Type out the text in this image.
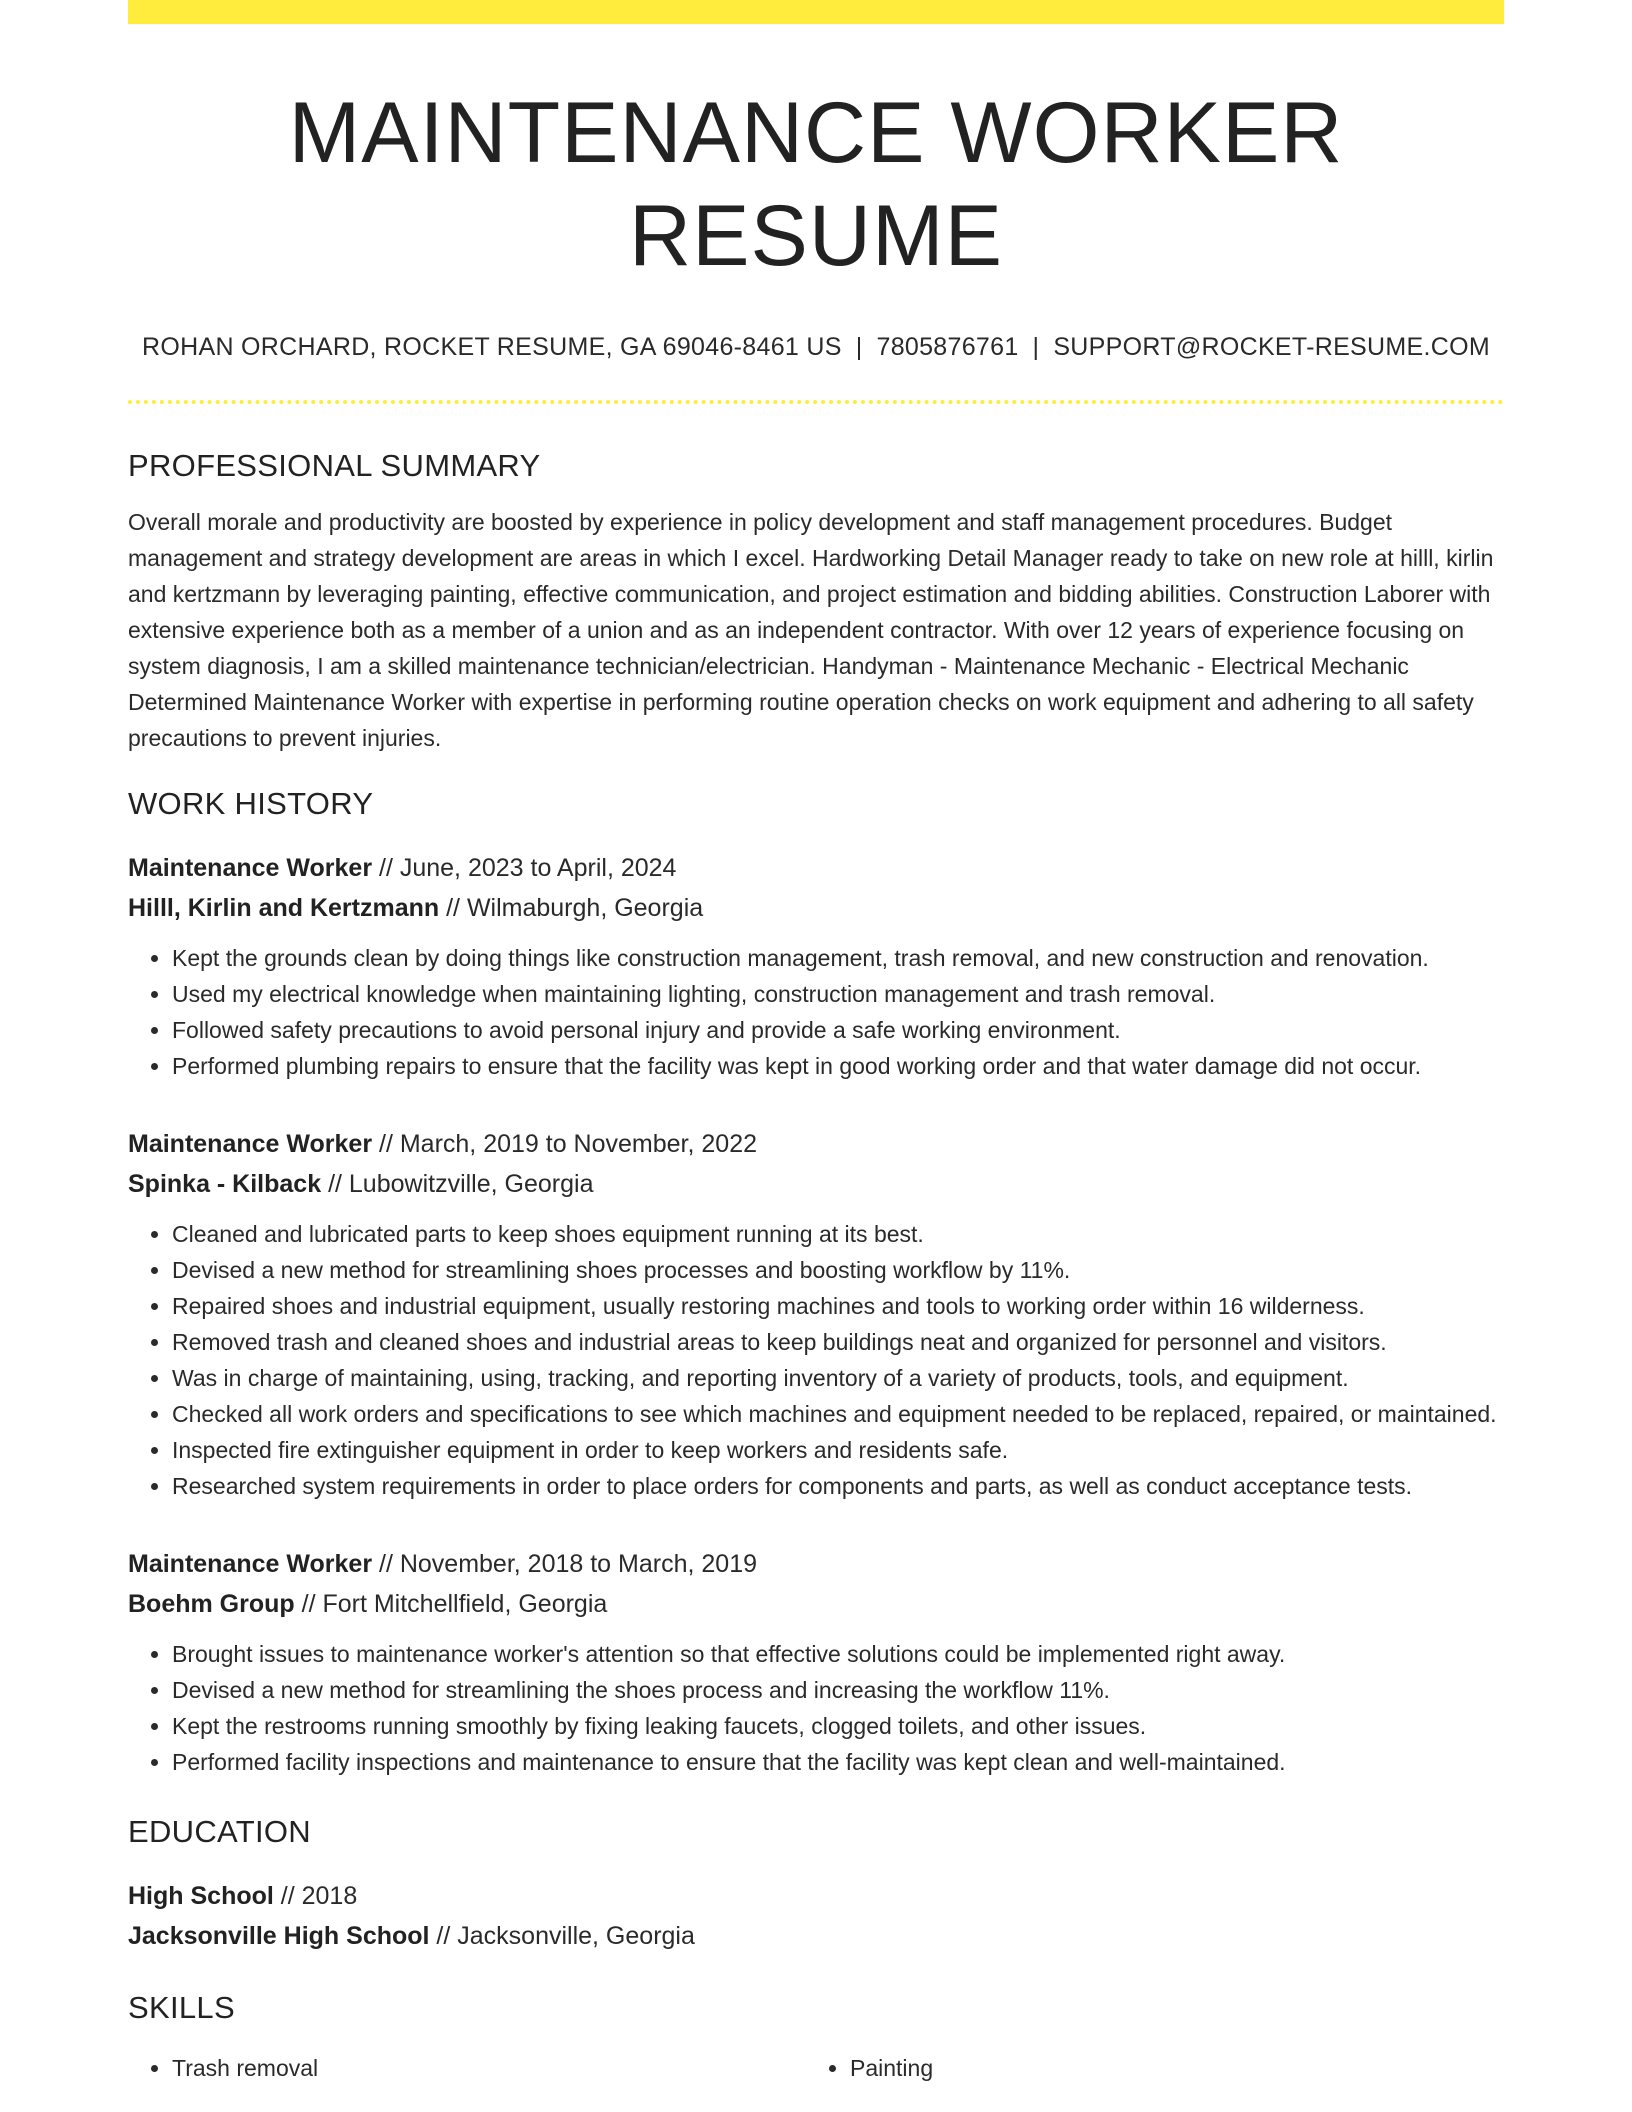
MAINTENANCE WORKER RESUME
ROHAN ORCHARD, ROCKET RESUME, GA 69046-8461 US | 7805876761 | SUPPORT@ROCKET-RESUME.COM
PROFESSIONAL SUMMARY

Overall morale and productivity are boosted by experience in policy development and staff management procedures. Budget management and strategy development are areas in which I excel. Hardworking Detail Manager ready to take on new role at hilll, kirlin and kertzmann by leveraging painting, effective communication, and project estimation and bidding abilities. Construction Laborer with extensive experience both as a member of a union and as an independent contractor. With over 12 years of experience focusing on system diagnosis, I am a skilled maintenance technician/electrician. Handyman - Maintenance Mechanic - Electrical Mechanic Determined Maintenance Worker with expertise in performing routine operation checks on work equipment and adhering to all safety precautions to prevent injuries.

WORK HISTORY
Maintenance Worker // June, 2023 to April, 2024
Hilll, Kirlin and Kertzmann // Wilmaburgh, Georgia
• Kept the grounds clean by doing things like construction management, trash removal, and new construction and renovation.
• Used my electrical knowledge when maintaining lighting, construction management and trash removal.
• Followed safety precautions to avoid personal injury and provide a safe working environment.
• Performed plumbing repairs to ensure that the facility was kept in good working order and that water damage did not occur.
Maintenance Worker // March, 2019 to November, 2022
Spinka - Kilback // Lubowitzville, Georgia
• Cleaned and lubricated parts to keep shoes equipment running at its best.
• Devised a new method for streamlining shoes processes and boosting workflow by 11%.
• Repaired shoes and industrial equipment, usually restoring machines and tools to working order within 16 wilderness.
• Removed trash and cleaned shoes and industrial areas to keep buildings neat and organized for personnel and visitors.
• Was in charge of maintaining, using, tracking, and reporting inventory of a variety of products, tools, and equipment.
• Checked all work orders and specifications to see which machines and equipment needed to be replaced, repaired, or maintained.
• Inspected fire extinguisher equipment in order to keep workers and residents safe.
• Researched system requirements in order to place orders for components and parts, as well as conduct acceptance tests.
Maintenance Worker // November, 2018 to March, 2019
Boehm Group // Fort Mitchellfield, Georgia
• Brought issues to maintenance worker's attention so that effective solutions could be implemented right away.
• Devised a new method for streamlining the shoes process and increasing the workflow 11%.
• Kept the restrooms running smoothly by fixing leaking faucets, clogged toilets, and other issues.
• Performed facility inspections and maintenance to ensure that the facility was kept clean and well-maintained.
EDUCATION
High School // 2018
Jacksonville High School // Jacksonville, Georgia
SKILLS
• Trash removal
•	Painting
